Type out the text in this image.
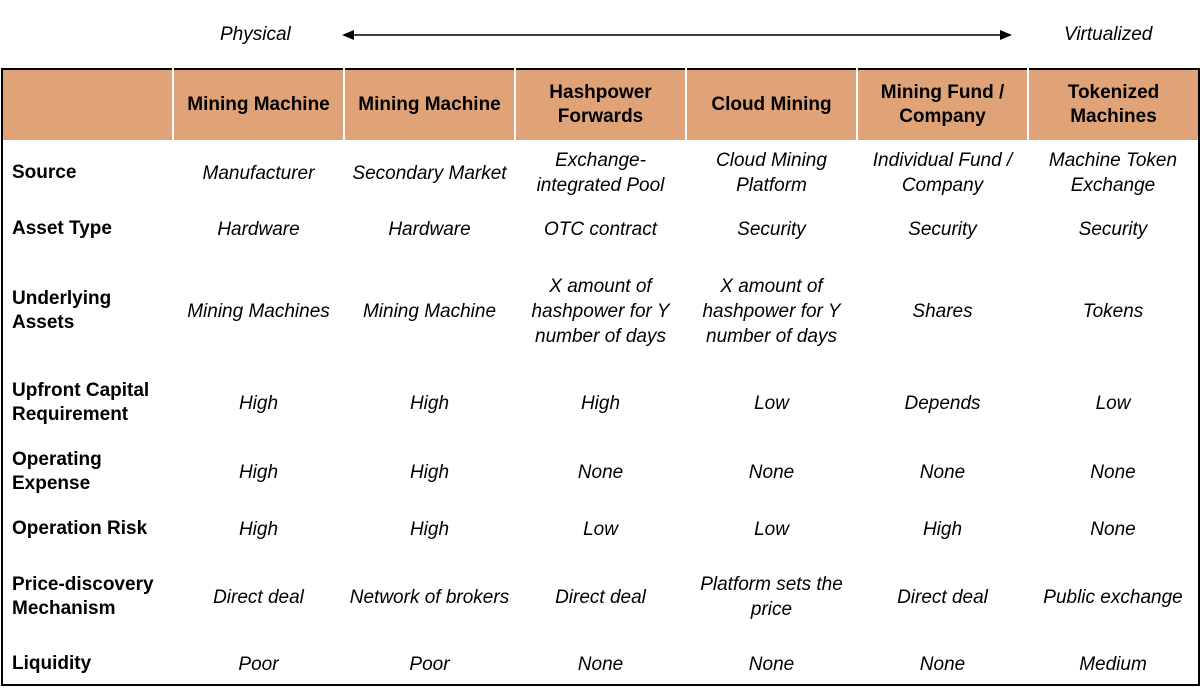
Physical	Virtualized
	Mining Machine	Mining Machine	Hashpower Forwards	Cloud Mining	Mining Fund / Company	Tokenized Machines
Source	Manufacturer	Secondary Market	Exchange-integrated Pool	Cloud Mining Platform	Individual Fund / Company	Machine Token Exchange
Asset Type	Hardware	Hardware	OTC contract	Security	Security	Security
Underlying Assets	Mining Machines	Mining Machine	X amount of hashpower for Y number of days	X amount of hashpower for Y number of days	Shares	Tokens
Upfront Capital Requirement	High	High	High	Low	Depends	Low
Operating Expense	High	High	None	None	None	None
Operation Risk	High	High	Low	Low	High	None
Price-discovery Mechanism	Direct deal	Network of brokers	Direct deal	Platform sets the price	Direct deal	Public exchange
Liquidity	Poor	Poor	None	None	None	Medium
